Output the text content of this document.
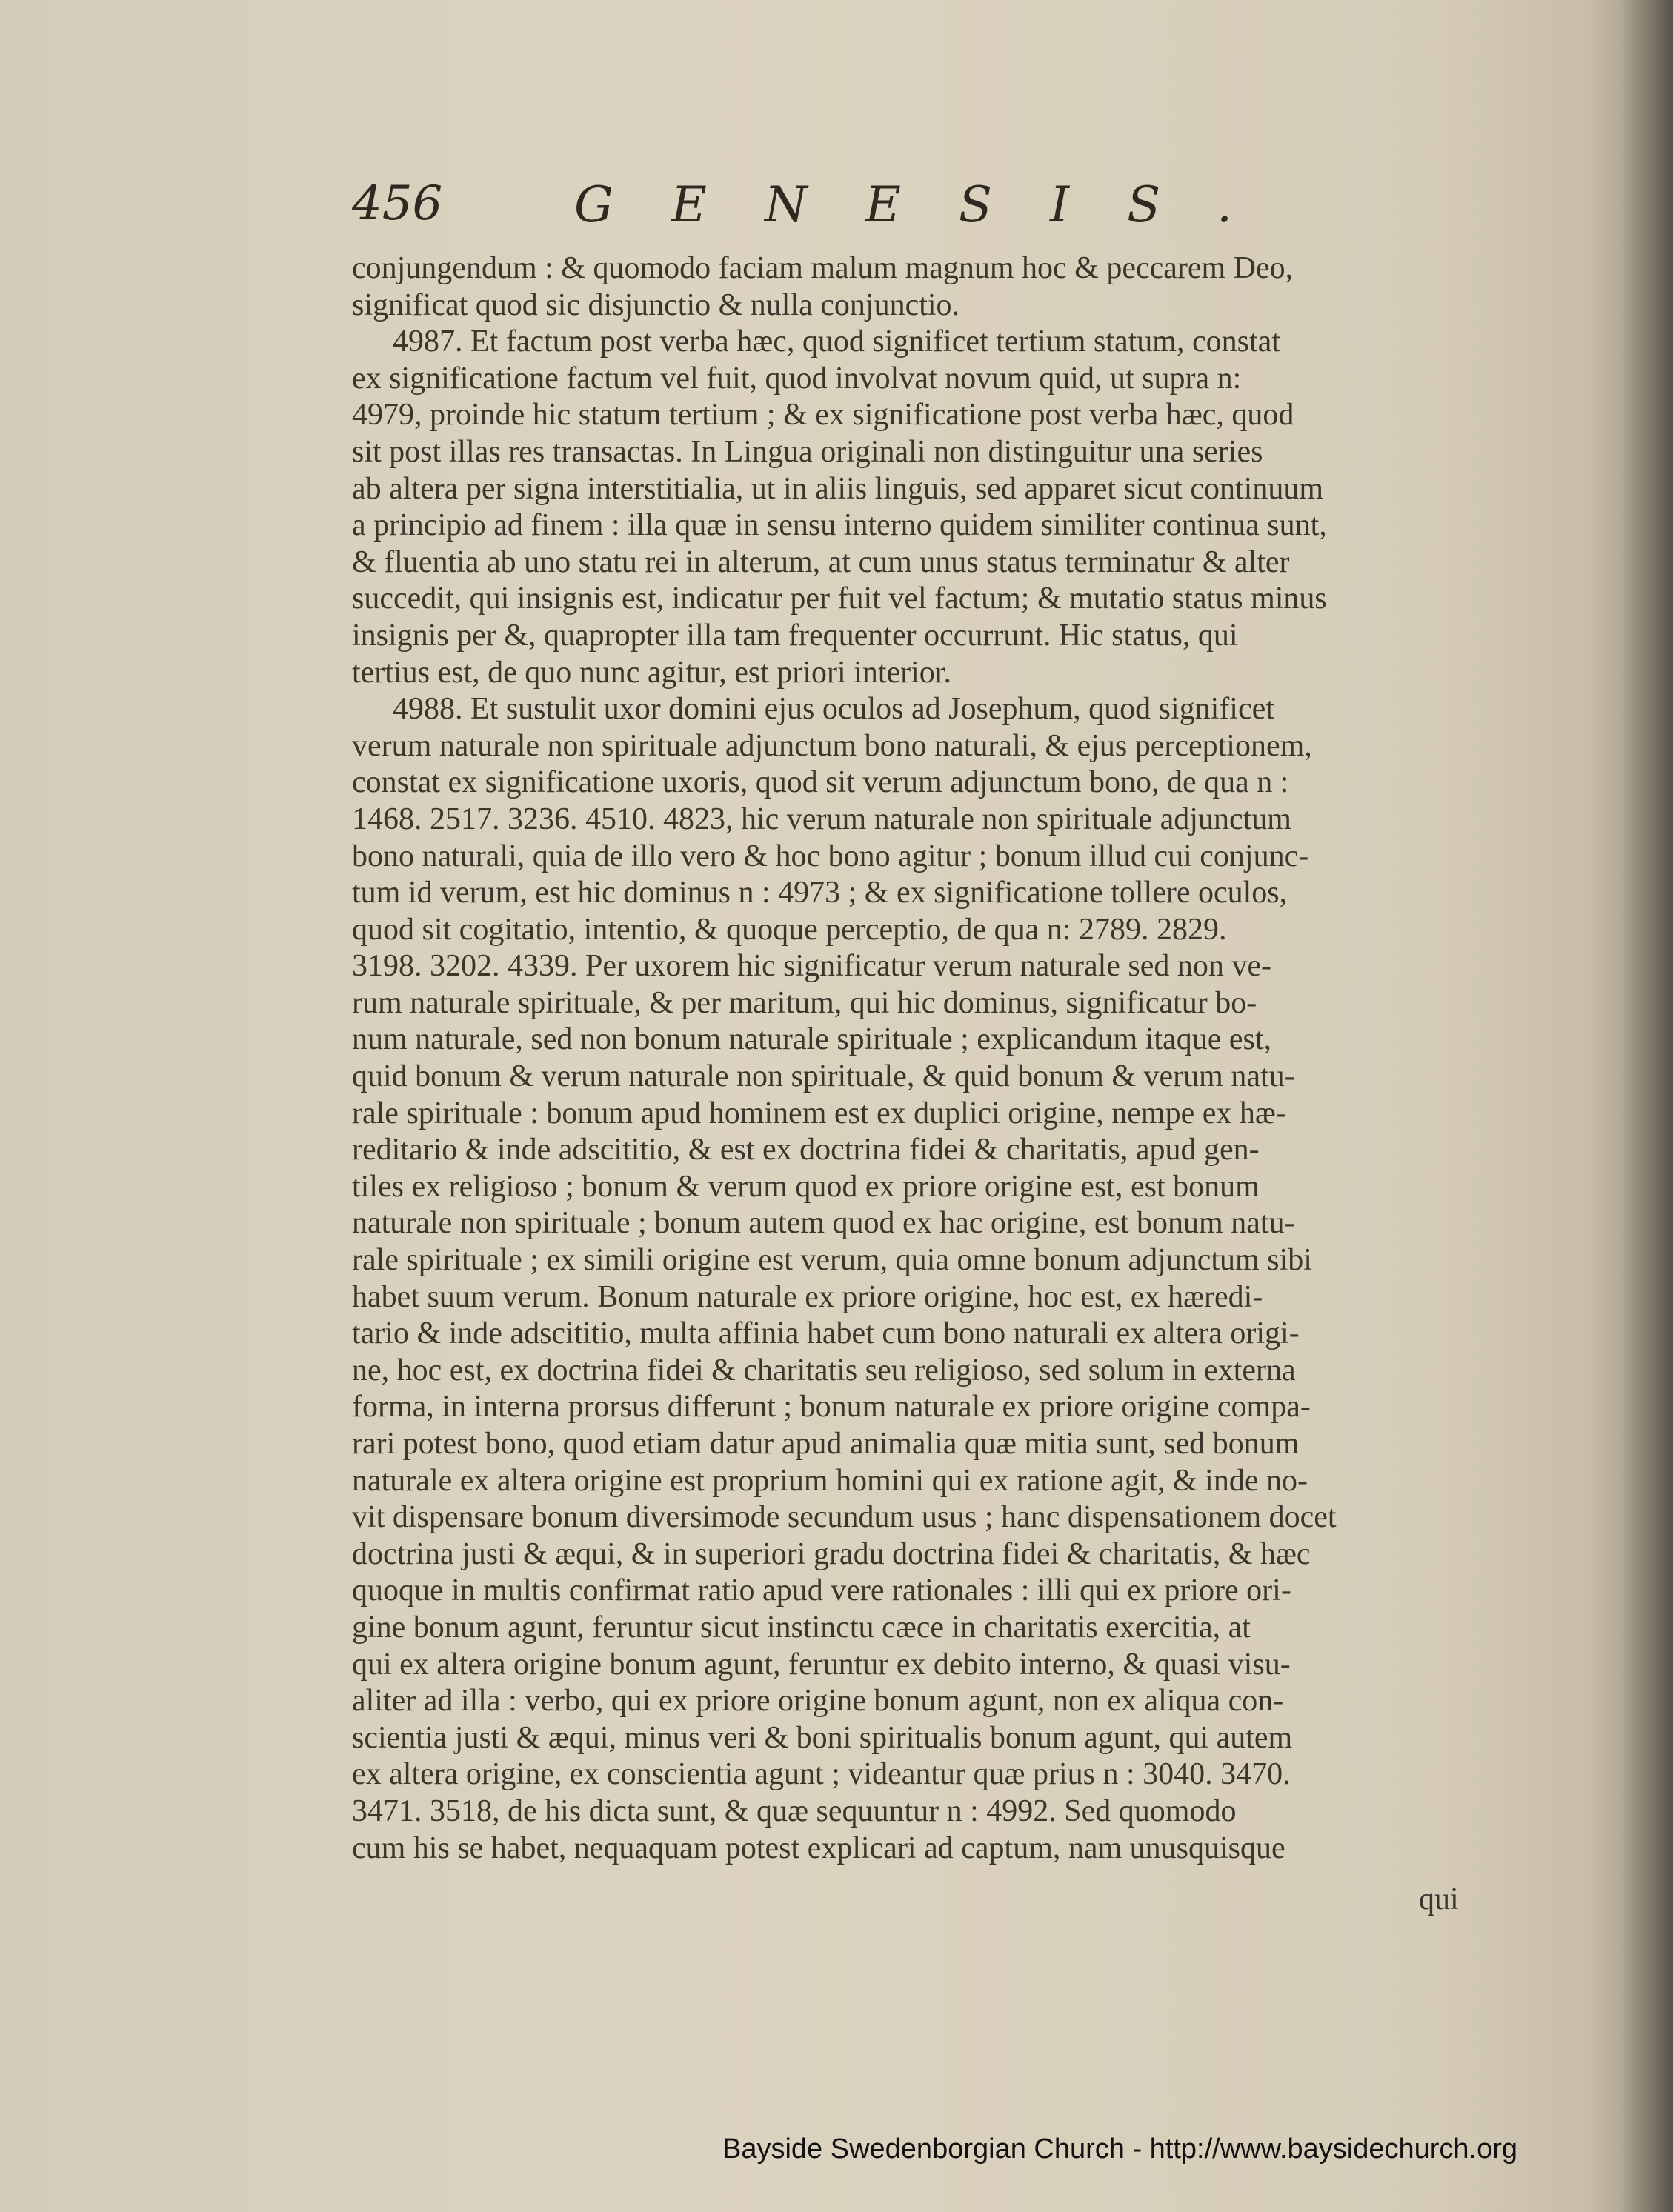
456	GENESIS.
conjungendum : & quomodo faciam malum magnum hoc & peccarem Deo,
significat quod sic disjunctio & nulla conjunctio.
4987. Et factum post verba hæc, quod significet tertium statum, constat
ex significatione factum vel fuit, quod involvat novum quid, ut supra n:
4979, proinde hic statum tertium ; & ex significatione post verba hæc, quod
sit post illas res transactas. In Lingua originali non distinguitur una series
ab altera per signa interstitialia, ut in aliis linguis, sed apparet sicut continuum
a principio ad finem : illa quæ in sensu interno quidem similiter continua sunt,
& fluentia ab uno statu rei in alterum, at cum unus status terminatur & alter
succedit, qui insignis est, indicatur per fuit vel factum; & mutatio status minus
insignis per &, quapropter illa tam frequenter occurrunt. Hic status, qui
tertius est, de quo nunc agitur, est priori interior.
4988. Et sustulit uxor domini ejus oculos ad Josephum, quod significet
verum naturale non spirituale adjunctum bono naturali, & ejus perceptionem,
constat ex significatione uxoris, quod sit verum adjunctum bono, de qua n :
1468. 2517. 3236. 4510. 4823, hic verum naturale non spirituale adjunctum
bono naturali, quia de illo vero & hoc bono agitur ; bonum illud cui conjunc-
tum id verum, est hic dominus n : 4973 ; & ex significatione tollere oculos,
quod sit cogitatio, intentio, & quoque perceptio, de qua n: 2789. 2829.
3198. 3202. 4339. Per uxorem hic significatur verum naturale sed non ve-
rum naturale spirituale, & per maritum, qui hic dominus, significatur bo-
num naturale, sed non bonum naturale spirituale ; explicandum itaque est,
quid bonum & verum naturale non spirituale, & quid bonum & verum natu-
rale spirituale : bonum apud hominem est ex duplici origine, nempe ex hæ-
reditario & inde adscititio, & est ex doctrina fidei & charitatis, apud gen-
tiles ex religioso ; bonum & verum quod ex priore origine est, est bonum
naturale non spirituale ; bonum autem quod ex hac origine, est bonum natu-
rale spirituale ; ex simili origine est verum, quia omne bonum adjunctum sibi
habet suum verum. Bonum naturale ex priore origine, hoc est, ex hæredi-
tario & inde adscititio, multa affinia habet cum bono naturali ex altera origi-
ne, hoc est, ex doctrina fidei & charitatis seu religioso, sed solum in externa
forma, in interna prorsus differunt ; bonum naturale ex priore origine compa-
rari potest bono, quod etiam datur apud animalia quæ mitia sunt, sed bonum
naturale ex altera origine est proprium homini qui ex ratione agit, & inde no-
vit dispensare bonum diversimode secundum usus ; hanc dispensationem docet
doctrina justi & æqui, & in superiori gradu doctrina fidei & charitatis, & hæc
quoque in multis confirmat ratio apud vere rationales : illi qui ex priore ori-
gine bonum agunt, feruntur sicut instinctu cæce in charitatis exercitia, at
qui ex altera origine bonum agunt, feruntur ex debito interno, & quasi visu-
aliter ad illa : verbo, qui ex priore origine bonum agunt, non ex aliqua con-
scientia justi & æqui, minus veri & boni spiritualis bonum agunt, qui autem
ex altera origine, ex conscientia agunt ; videantur quæ prius n : 3040. 3470.
3471. 3518, de his dicta sunt, & quæ sequuntur n : 4992. Sed quomodo
cum his se habet, nequaquam potest explicari ad captum, nam unusquisque
qui
Bayside Swedenborgian Church - http://www.baysidechurch.org
